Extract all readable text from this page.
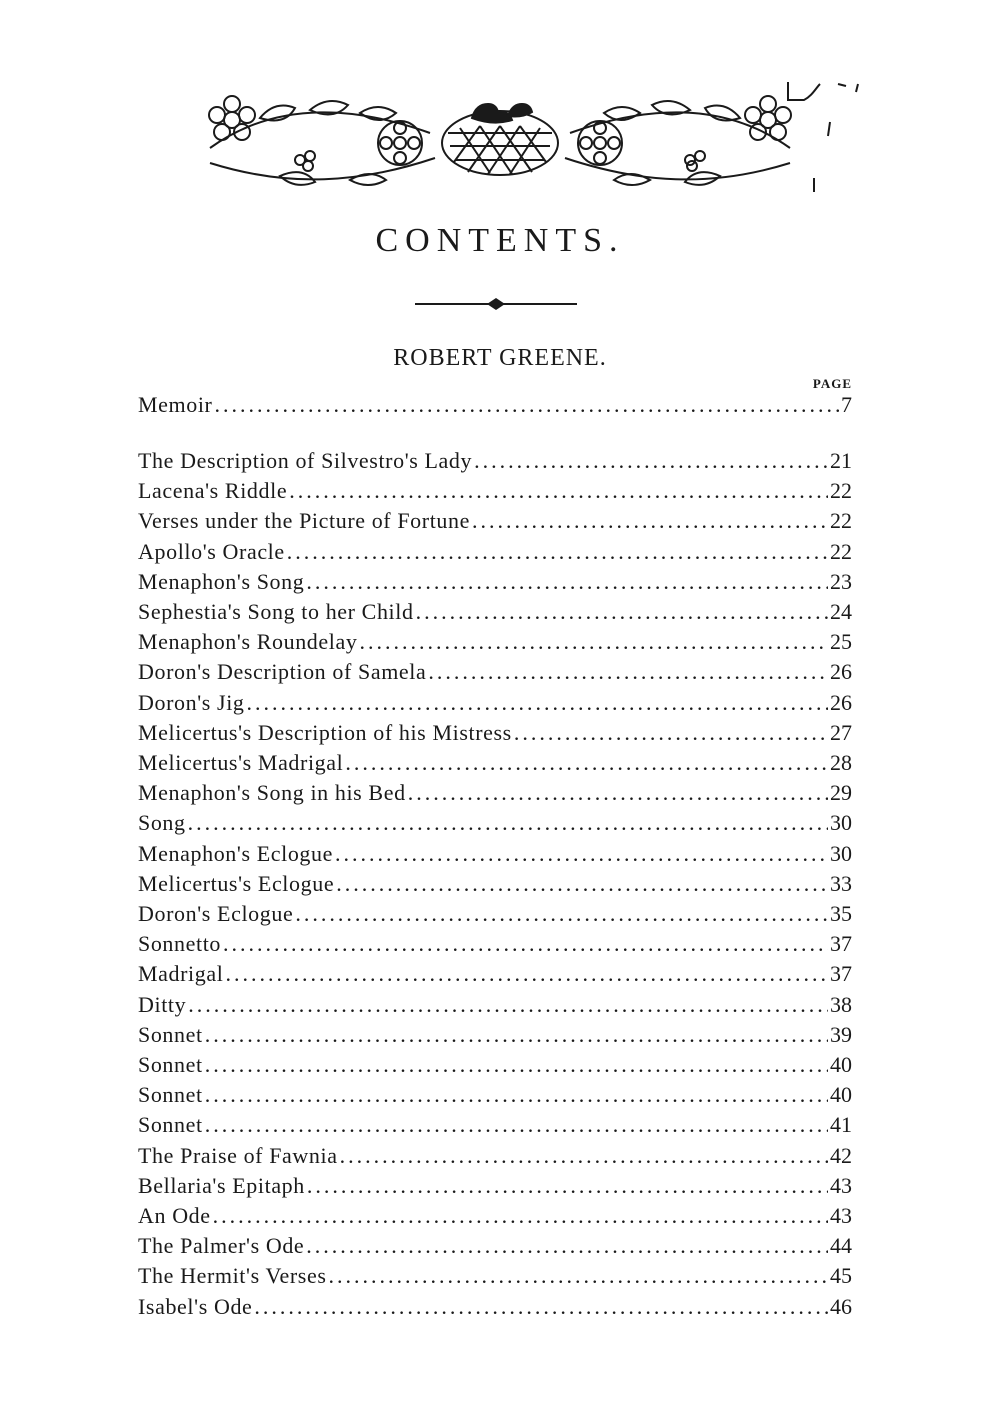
CONTENTS.
ROBERT GREENE.
PAGE
Memoir .....	7
The Description of Silvestro's Lady .....	21
Lacena's Riddle .....	22
Verses under the Picture of Fortune .....	22
Apollo's Oracle .....	22
Menaphon's Song .....	23
Sephestia's Song to her Child .....	24
Menaphon's Roundelay .....	25
Doron's Description of Samela .....	26
Doron's Jig .....	26
Melicertus's Description of his Mistress .....	27
Melicertus's Madrigal .....	28
Menaphon's Song in his Bed .....	29
Song .....	30
Menaphon's Eclogue .....	30
Melicertus's Eclogue .....	33
Doron's Eclogue .....	35
Sonnetto .....	37
Madrigal .....	37
Ditty .....	38
Sonnet .....	39
Sonnet .....	40
Sonnet .....	40
Sonnet .....	41
The Praise of Fawnia .....	42
Bellaria's Epitaph .....	43
An Ode .....	43
The Palmer's Ode .....	44
The Hermit's Verses .....	45
Isabel's Ode .....	46
